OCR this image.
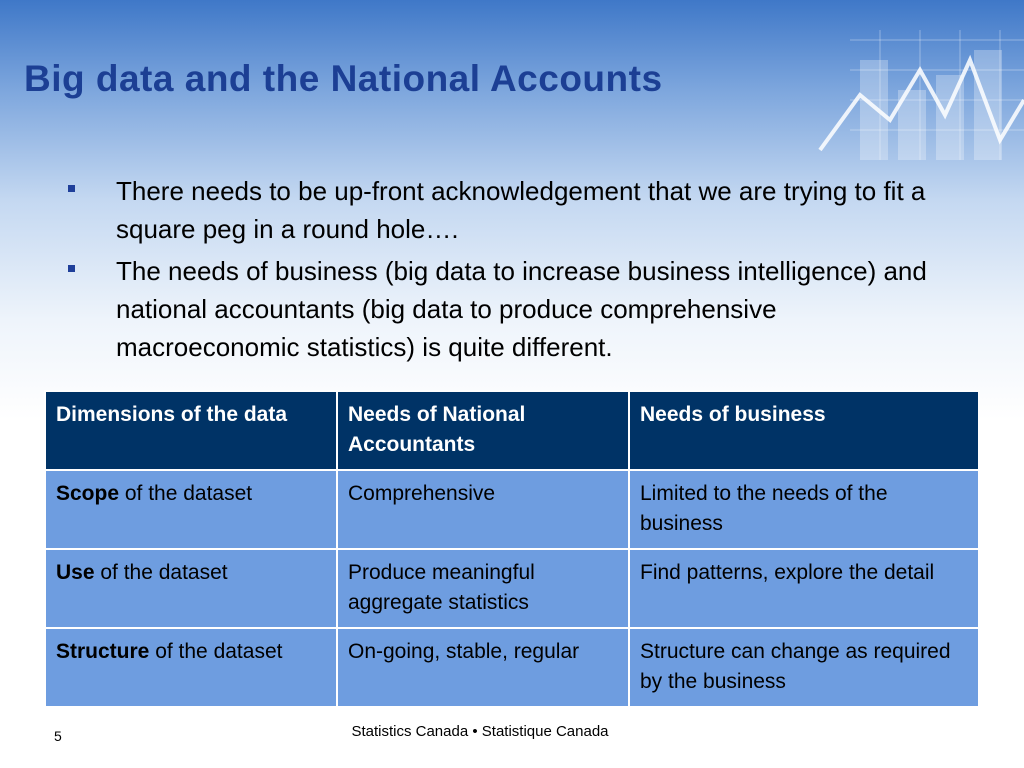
Big data and the National Accounts
There needs to be up-front acknowledgement that we are trying to fit a square peg in a round hole….
The needs of business (big data to increase business intelligence) and national accountants (big data to produce comprehensive macroeconomic statistics) is quite different.
Dimensions of the data	Needs of National Accountants	Needs of business
Scope of the dataset	Comprehensive	Limited to the needs of the business
Use of the dataset	Produce meaningful aggregate statistics	Find patterns, explore the detail
Structure of the dataset	On-going, stable, regular	Structure can change as required by the business
5	Statistics Canada • Statistique Canada
